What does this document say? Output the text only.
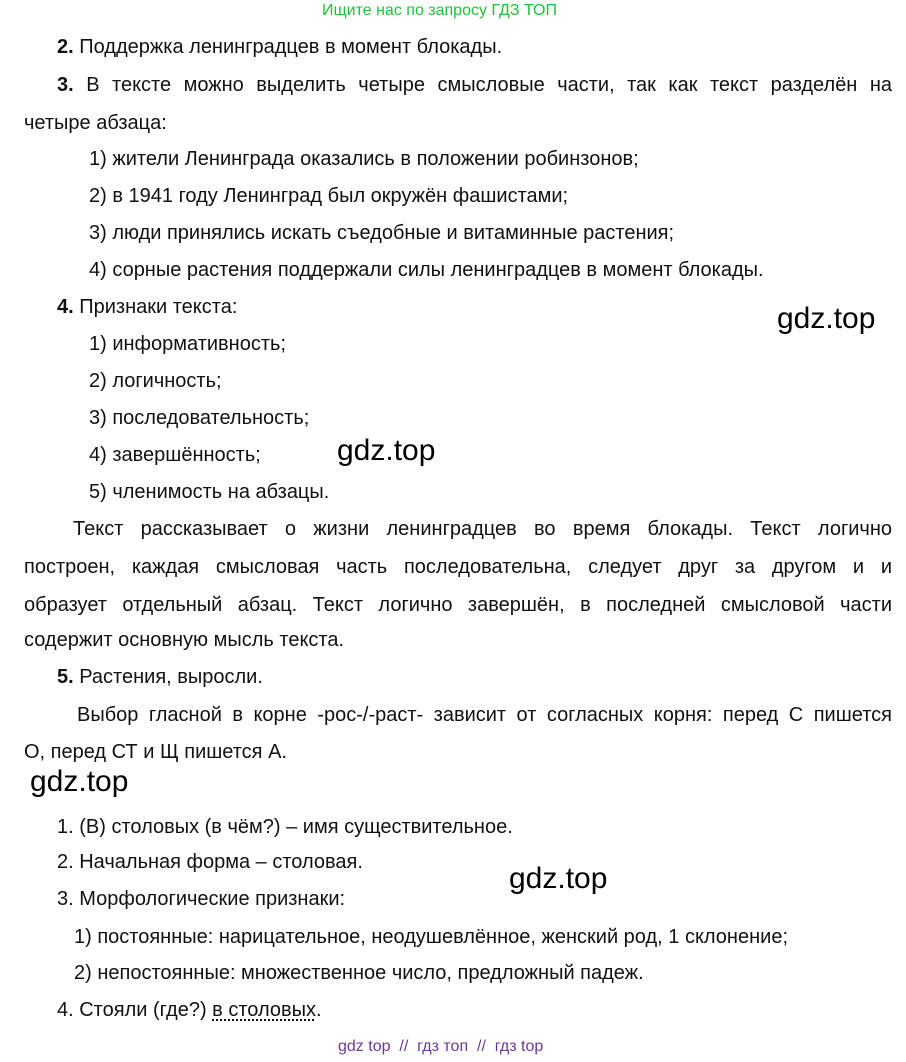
Ищите нас по запросу ГДЗ ТОП
2. Поддержка ленинградцев в момент блокады.
3. В тексте можно выделить четыре смысловые части, так как текст разделён на
четыре абзаца:
1) жители Ленинграда оказались в положении робинзонов;
2) в 1941 году Ленинград был окружён фашистами;
3) люди принялись искать съедобные и витаминные растения;
4) сорные растения поддержали силы ленинградцев в момент блокады.
4. Признаки текста:
1) информативность;
2) логичность;
3) последовательность;
4) завершённость;
5) членимость на абзацы.
Текст рассказывает о жизни ленинградцев во время блокады. Текст логично
построен, каждая смысловая часть последовательна, следует друг за другом и и
образует отдельный абзац. Текст логично завершён, в последней смысловой части
содержит основную мысль текста.
5. Растения, выросли.
Выбор гласной в корне -рос-/-раст- зависит от согласных корня: перед С пишется
О, перед СТ и Щ пишется А.
1. (В) столовых (в чём?) – имя существительное.
2. Начальная форма – столовая.
3. Морфологические признаки:
1) постоянные: нарицательное, неодушевлённое, женский род, 1 склонение;
2) непостоянные: множественное число, предложный падеж.
4. Стояли (где?) в столовых.
gdz.top
gdz.top
gdz.top
gdz.top
gdz top  //  гдз топ  //  гдз top
